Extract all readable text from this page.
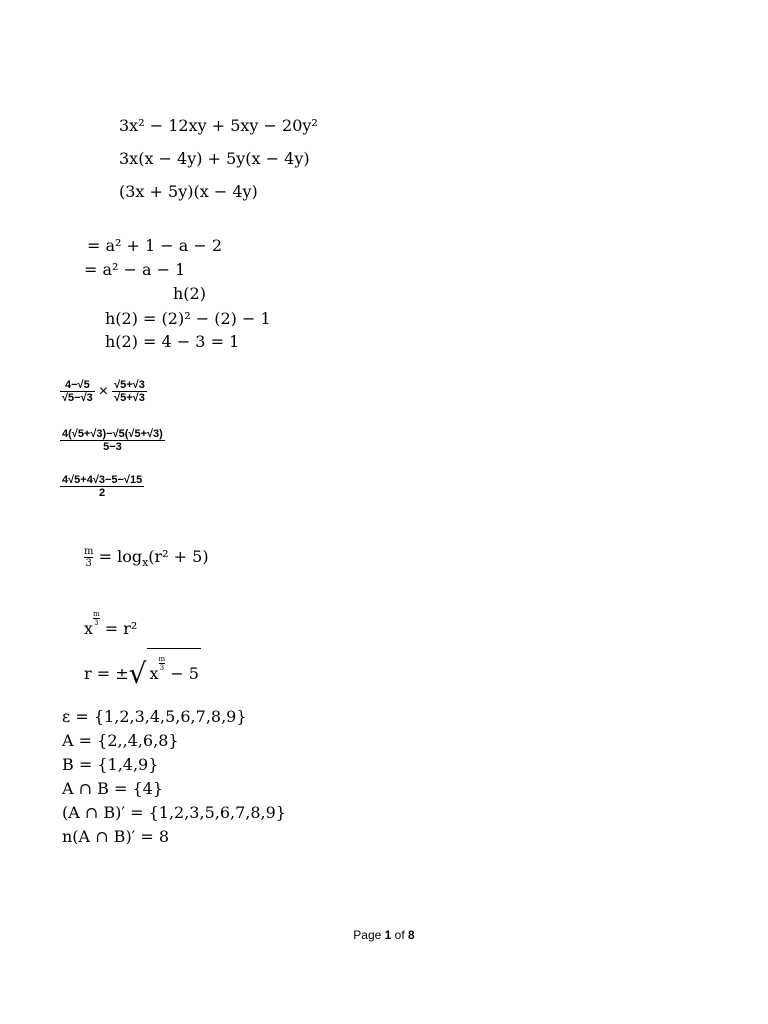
3x² − 12xy + 5xy − 20y²
3x(x − 4y) + 5y(x − 4y)
(3x + 5y)(x − 4y)
= a² + 1 − a − 2
= a² − a − 1
h(2)
h(2) = (2)² − (2) − 1
h(2) = 4 − 3 = 1
$\frac{4-√5}{√5-√3} \times \frac{√5+√3}{√5+√3}$
$\frac{4(√5+√3)-√5(√5+√3)}{5-3}$
$\frac{4√5+4√3-5-√15}{2}$
$\frac{m}{3} = \log_x(r^2 + 5)$
x
$\frac{m}{3}$
= r²
r = ±√ x
$\frac{m}{3}$
− 5
ε = {1,2,3,4,5,6,7,8,9}
A = {2,,4,6,8}
B = {1,4,9}
A ∩ B = {4}
(A ∩ B)′ = {1,2,3,5,6,7,8,9}
n(A ∩ B)′ = 8
Page 1 of 8
